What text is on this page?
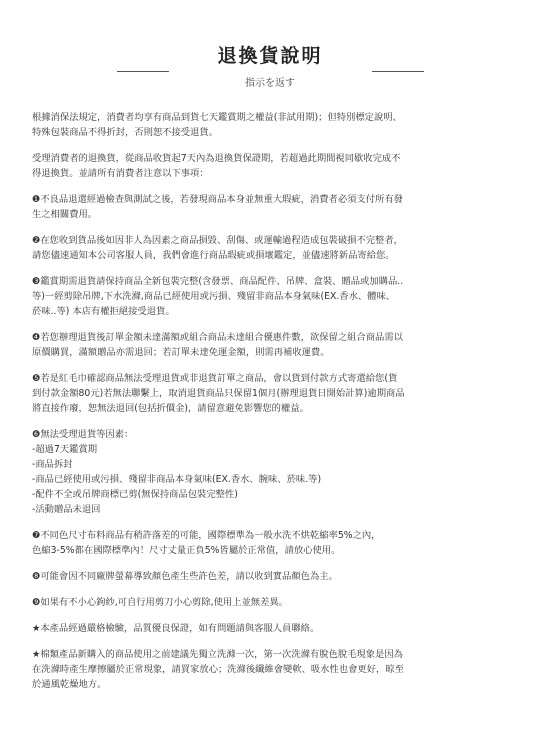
退換貨說明
指示を返す
根據消保法規定，消費者均享有商品到貨七天鑑賞期之權益(非試用期)；但特別標定說明、
特殊包裝商品不得折封，否則恕不接受退貨。
受理消費者的退換貨，從商品收貨起7天內為退換貨保證期，若超過此期間視同歇收完成不
得退換貨。並請所有消費者注意以下事項：
❶不良品退還經過檢查與測試之後，若發現商品本身並無重大瑕疵，消費者必須支付所有發
生之相關費用。
❷在您收到貨品後如因非人為因素之商品損毀、刮傷、或運輸過程造成包裝破損不完整者，
請您儘速通知本公司客服人員，我們會進行商品瑕疵或損壞鑑定，並儘速將新品寄給您。
❸鑑賞期需退貨請保持商品全新包裝完整(含發票、商品配件、吊牌、盒裝、贈品或加購品..
等)一經剪除吊牌,下水洗滌,商品已經使用或污損、殘留非商品本身氣味(EX.香水、體味、
菸味..等) 本店有權拒絕接受退貨。
❹若您辦理退貨後訂單金額未達滿額或組合商品未達組合優惠件數，欲保留之組合商品需以
原價購買，滿額贈品亦需退回；若訂單未達免運金額，則需再補收運費。
❺若是紅毛巾確認商品無法受理退貨或非退貨訂單之商品，會以貨到付款方式寄還給您(貨
到付款金額80元)若無法聯繫上，取消退貨商品只保留1個月(辦理退貨日開始計算)逾期商品
將直接作廢，恕無法退回(包括折價金)，請留意避免影響您的權益。
❻無法受理退貨等因素：
-超過7天鑑賞期
-商品拆封
-商品已經使用或污損、殘留非商品本身氣味(EX.香水、腕味、菸味.等)
-配件不全或吊牌商標已剪(無保持商品包裝完整性)
-活動贈品未退回
❼不同色尺寸布料商品有稍許落差的可能，國際標準為一般水洗不烘乾縮率5%之內，
色縮3-5%都在國際標準內！尺寸丈量正負5%皆屬於正常值，請放心使用。
❽可能會因不同廠牌螢幕導致顏色產生些許色差，請以收到實品顏色為主。
❾如果有不小心鉤紗,可自行用剪刀小心剪除,使用上並無差異。
★本產品經過嚴格檢驗，品質優良保證，如有問題請與客服人員聯絡。
★棉類產品新購入的商品使用之前建議先獨立洗滌一次，第一次洗滌有脫色脫毛現象是因為
在洗滌時產生摩擦屬於正常現象，請買家放心；洗滌後纖維會變軟、吸水性也會更好，晾至
於通風乾燥地方。
